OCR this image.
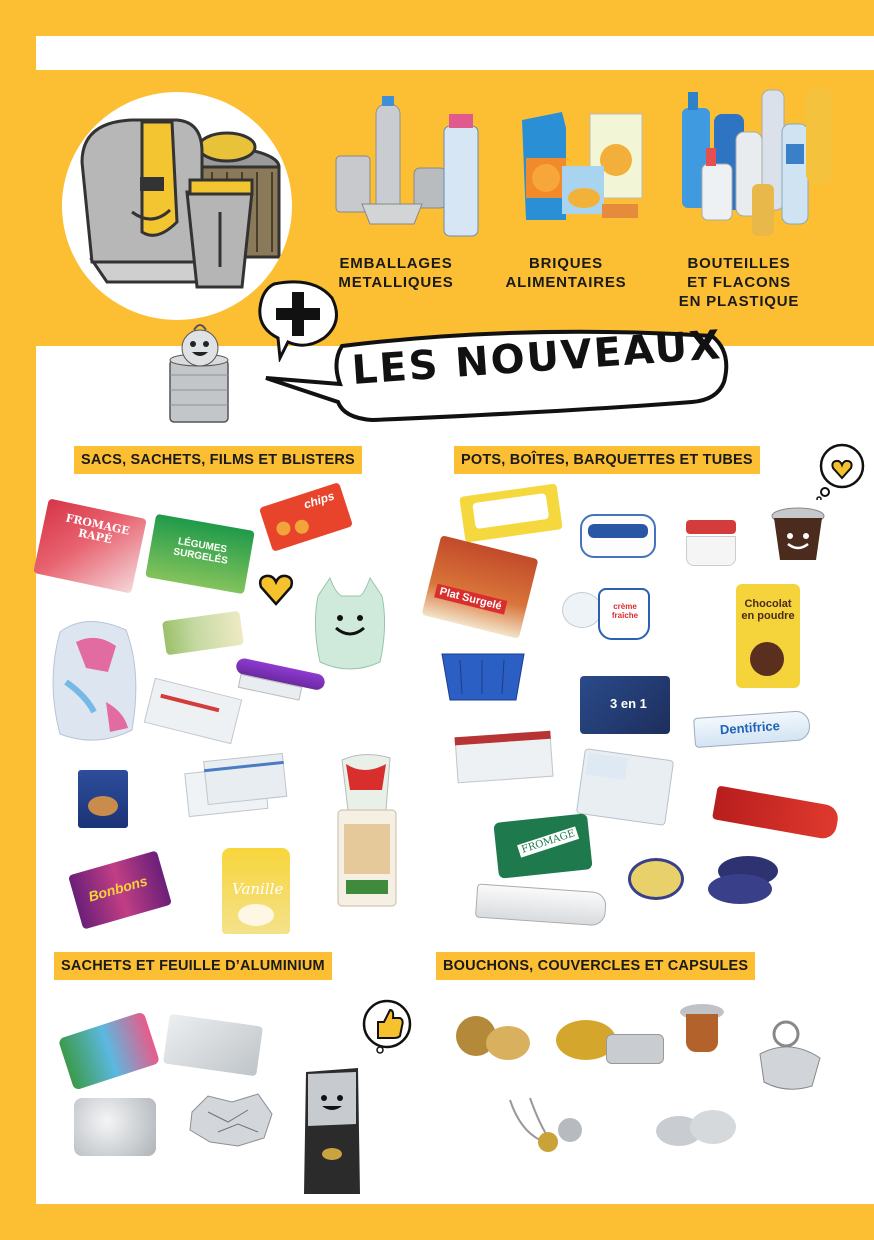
EMBALLAGES
METALLIQUES
BRIQUES
ALIMENTAIRES
BOUTEILLES
ET FLACONS
EN PLASTIQUE
LES NOUVEAUX
SACS, SACHETS, FILMS ET BLISTERS	POTS, BOÎTES, BARQUETTES ET TUBES
SACHETS ET FEUILLE D’ALUMINIUM	BOUCHONS, COUVERCLES ET CAPSULES
FROMAGE RAPÉ	LÉGUMES SURGELÉS
chips
Bonbons	Vanille
Plat Surgelé	crème fraîche
Chocolat en poudre
3 en 1
Dentifrice
FROMAGE
